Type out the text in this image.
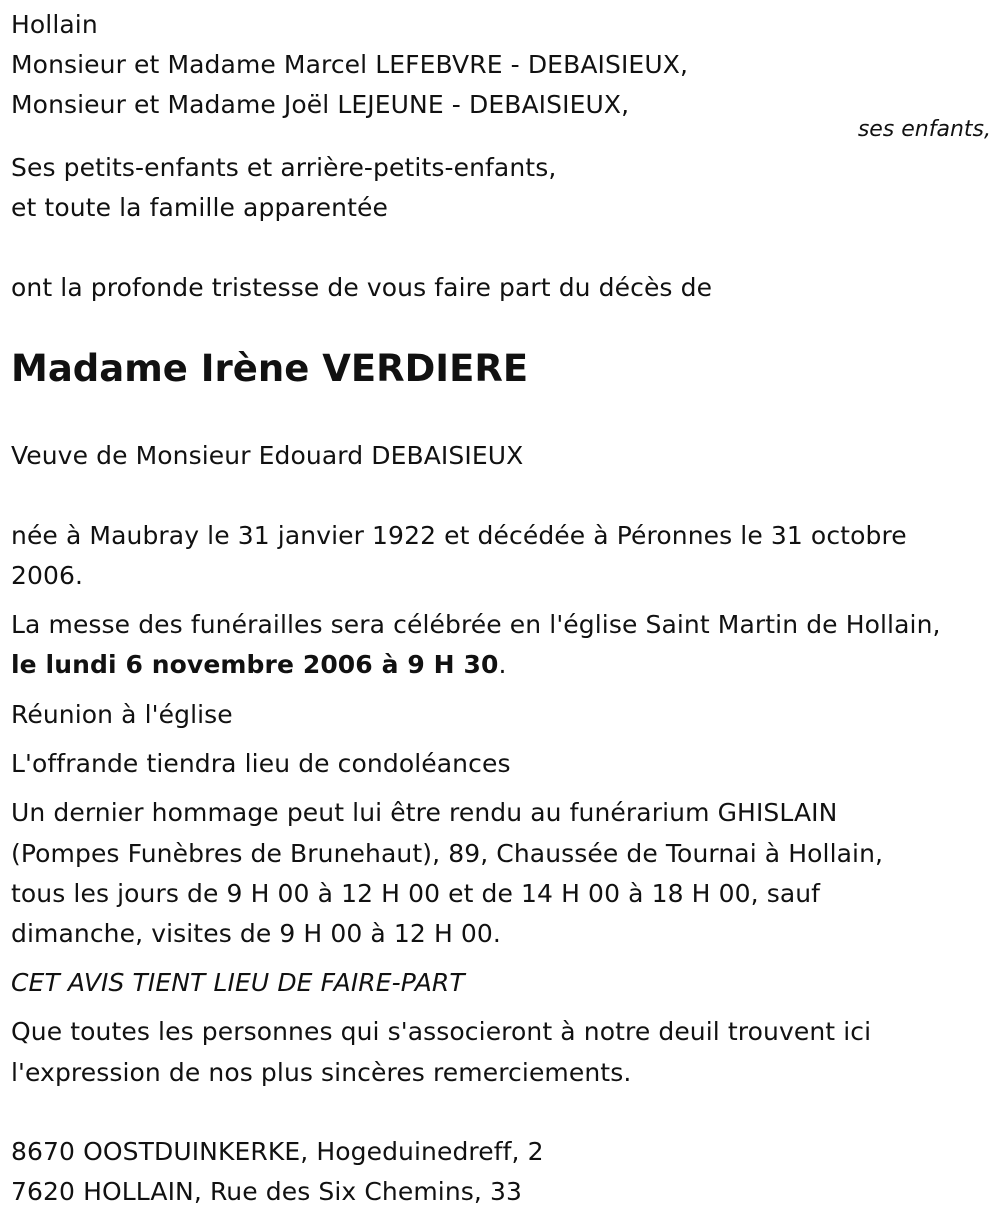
Hollain
Monsieur et Madame Marcel LEFEBVRE - DEBAISIEUX,
Monsieur et Madame Joël LEJEUNE - DEBAISIEUX,
ses enfants,
Ses petits-enfants et arrière-petits-enfants,
et toute la famille apparentée
ont la profonde tristesse de vous faire part du décès de
Madame Irène VERDIERE
Veuve de Monsieur Edouard DEBAISIEUX
née à Maubray le 31 janvier 1922 et décédée à Péronnes le 31 octobre
2006.
La messe des funérailles sera célébrée en l'église Saint Martin de Hollain,
le lundi 6 novembre 2006 à 9 H 30.
Réunion à l'église
L'offrande tiendra lieu de condoléances
Un dernier hommage peut lui être rendu au funérarium GHISLAIN
(Pompes Funèbres de Brunehaut), 89, Chaussée de Tournai à Hollain,
tous les jours de 9 H 00 à 12 H 00 et de 14 H 00 à 18 H 00, sauf
dimanche, visites de 9 H 00 à 12 H 00.
CET AVIS TIENT LIEU DE FAIRE-PART
Que toutes les personnes qui s'associeront à notre deuil trouvent ici
l'expression de nos plus sincères remerciements.
8670 OOSTDUINKERKE, Hogeduinedreff, 2
7620 HOLLAIN, Rue des Six Chemins, 33
